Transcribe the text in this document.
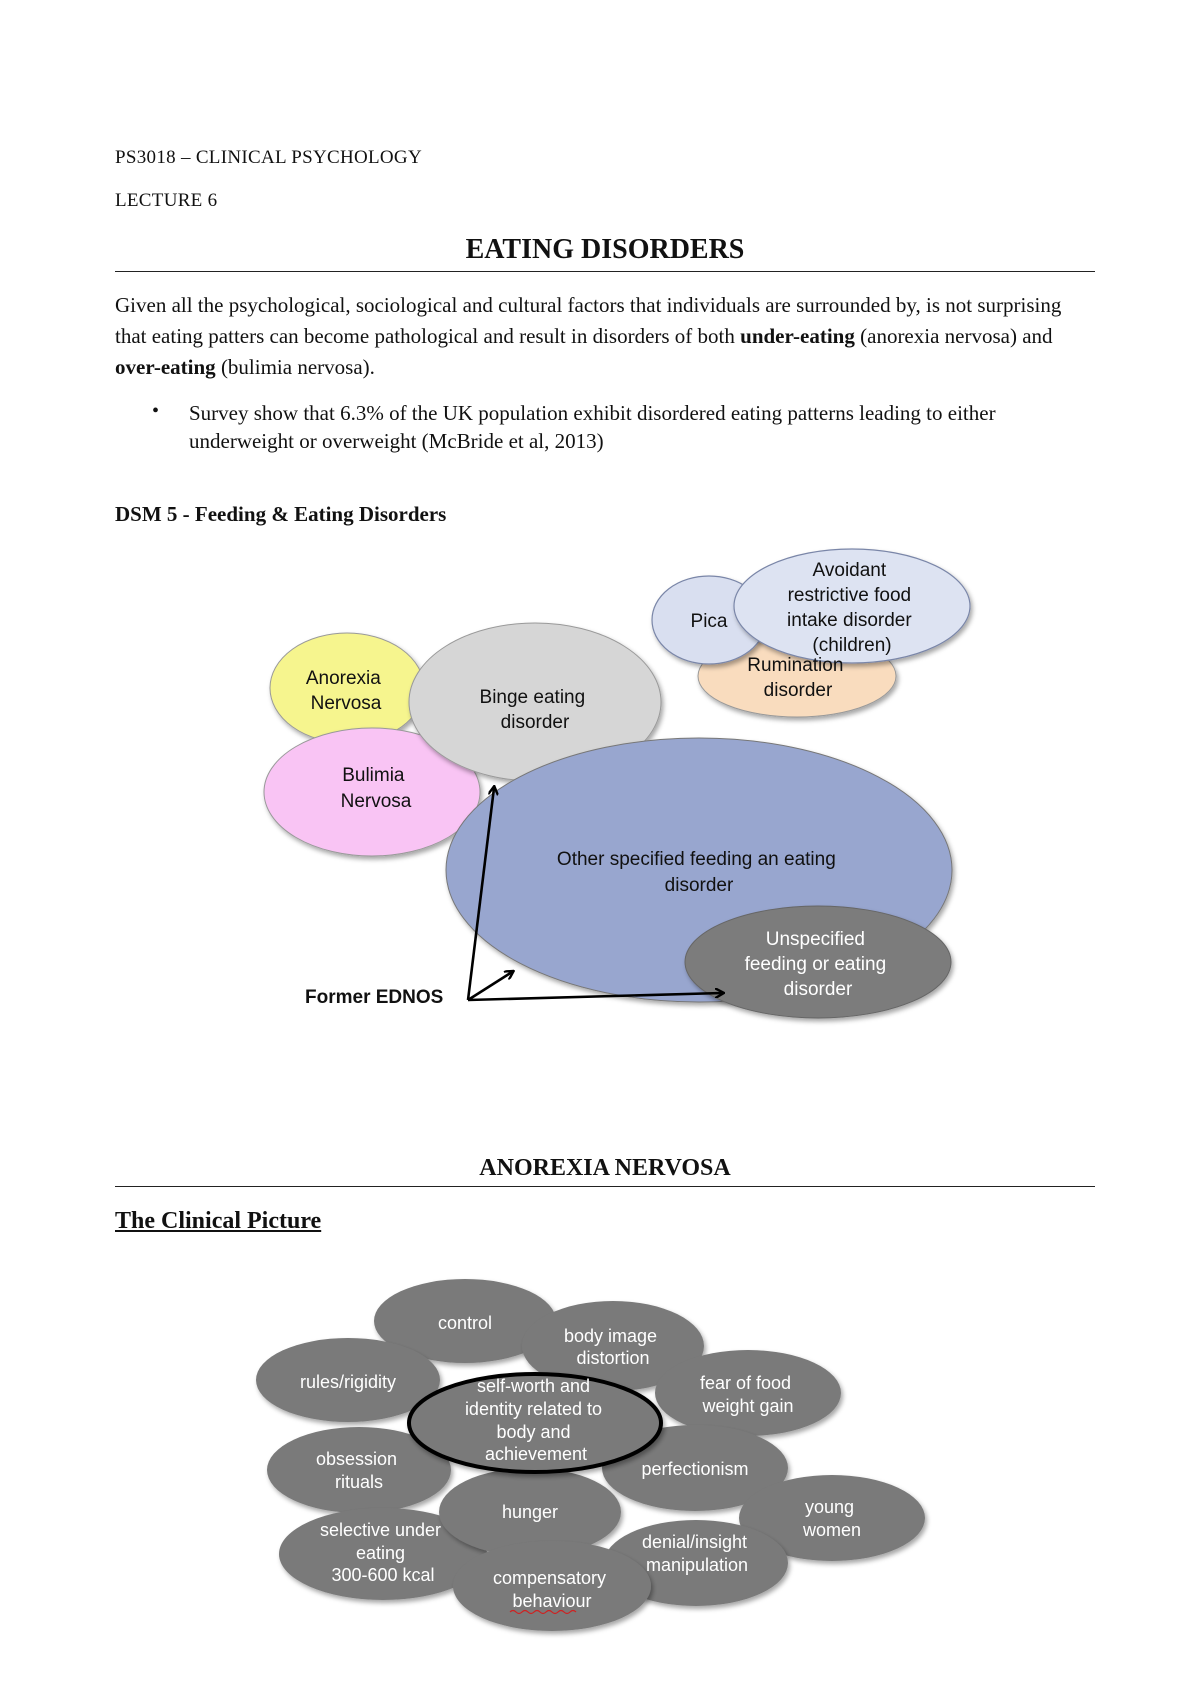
PS3018 – CLINICAL PSYCHOLOGY
LECTURE 6
EATING DISORDERS
Given all the psychological, sociological and cultural factors that individuals are surrounded by, is not surprising that eating patters can become pathological and result in disorders of both under-eating (anorexia nervosa) and over-eating (bulimia nervosa).
• Survey show that 6.3% of the UK population exhibit disordered eating patterns leading to either underweight or overweight (McBride et al, 2013)
DSM 5 - Feeding & Eating Disorders
Anorexia Nervosa	Binge eating disorder
Bulimia Nervosa
Other specified feeding an eating disorder
Unspecified feeding or eating disorder
Rumination disorder
Pica
Avoidant restrictive food intake disorder (children)
Former EDNOS
control
body image distortion
rules/rigidity	fear of food weight gain
self-worth and identity related to body and achievement
obsession rituals
perfectionism
hunger	young women
selective under eating 300-600 kcal
denial/insight manipulation
compensatory behaviour
ANOREXIA NERVOSA
The Clinical Picture
